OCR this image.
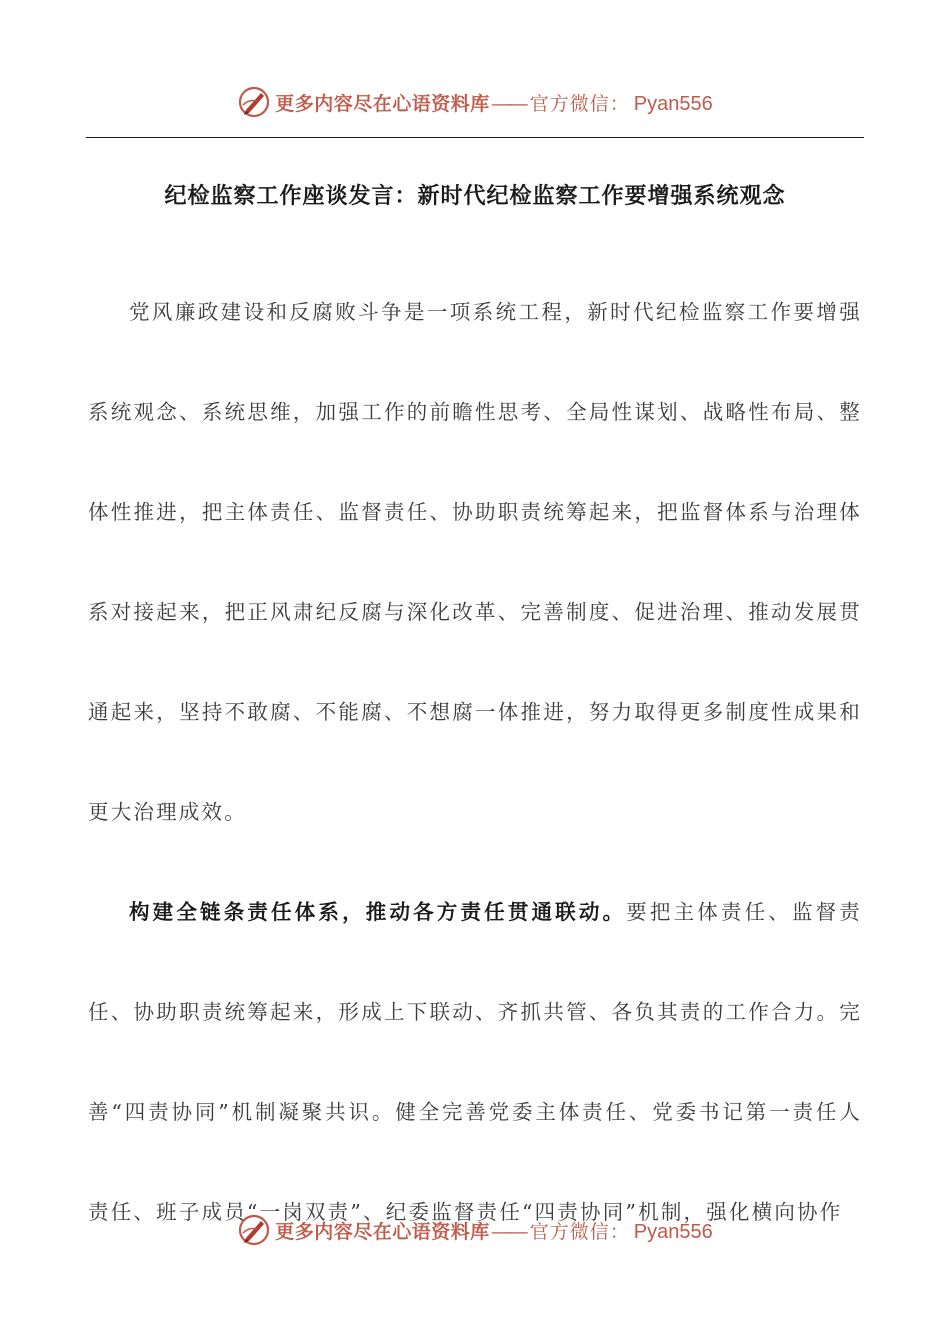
更多内容尽在心语资料库 —— 官方微信： Pyan556
纪检监察工作座谈发言：新时代纪检监察工作要增强系统观念

党风廉政建设和反腐败斗争是一项系统工程，新时代纪检监察工作要增强系统观念、系统思维，加强工作的前瞻性思考、全局性谋划、战略性布局、整体性推进，把主体责任、监督责任、协助职责统筹起来，把监督体系与治理体系对接起来，把正风肃纪反腐与深化改革、完善制度、促进治理、推动发展贯通起来，坚持不敢腐、不能腐、不想腐一体推进，努力取得更多制度性成果和更大治理成效。

构建全链条责任体系，推动各方责任贯通联动。要把主体责任、监督责任、协助职责统筹起来，形成上下联动、齐抓共管、各负其责的工作合力。完善“四责协同”机制凝聚共识。健全完善党委主体责任、党委书记第一责任人责任、班子成员“一岗双责”、纪委监督责任“四责协同”机制，强化横向协作

更多内容尽在心语资料库 —— 官方微信： Pyan556
